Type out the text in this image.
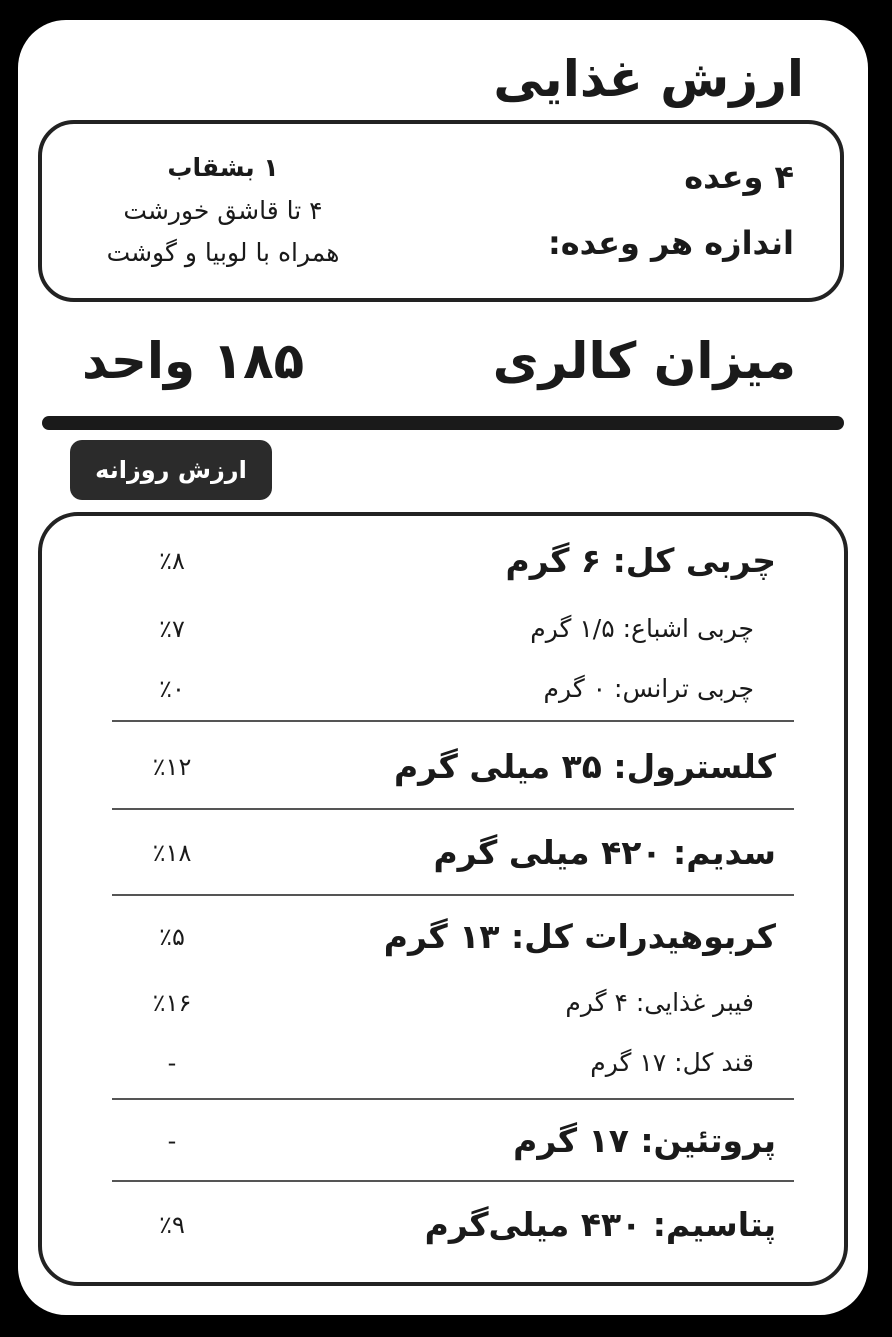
ارزش غذایی
۴ وعده
اندازه هر وعده:
۱ بشقاب
۴ تا قاشق خورشت
همراه با لوبیا و گوشت
میزان کالری
۱۸۵ واحد
ارزش روزانه
چربی کل: ۶ گرم
٪۸
چربی اشباع: ۱/۵ گرم
٪۷
چربی ترانس: ۰ گرم
٪۰
کلسترول: ۳۵ میلی گرم
٪۱۲
سدیم: ۴۲۰ میلی گرم
٪۱۸
کربوهیدرات کل: ۱۳ گرم
٪۵
فیبر غذایی: ۴ گرم
٪۱۶
قند کل: ۱۷ گرم
-
پروتئین: ۱۷ گرم
-
پتاسیم: ۴۳۰ میلی‌گرم
٪۹
